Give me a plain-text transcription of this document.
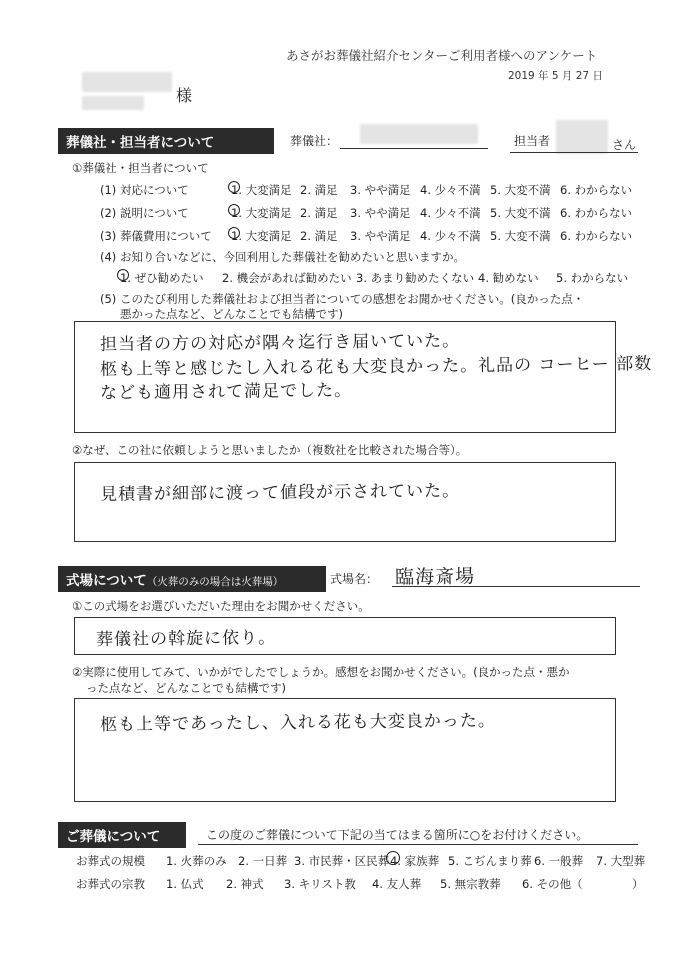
あさがお葬儀社紹介センターご利用者様へのアンケート
2019 年 5 月 27 日
様
葬儀社・担当者について	葬儀社：	担当者	さん
①葬儀社・担当者について
(1) 対応について	1. 大変満足 2. 満足 3. やや満足 4. 少々不満 5. 大変不満 6. わからない
(2) 説明について	1. 大変満足 2. 満足 3. やや満足 4. 少々不満 5. 大変不満 6. わからない
(3) 葬儀費用について 1. 大変満足 2. 満足 3. やや満足 4. 少々不満 5. 大変不満 6. わからない
(4) お知り合いなどに、今回利用した葬儀社を勧めたいと思いますか。
1. ぜひ勧めたい 2. 機会があれば勧めたい 3. あまり勧めたくない 4. 勧めない 5. わからない
(5) このたび利用した葬儀社および担当者についての感想をお聞かせください。(良かった点・
悪かった点など、どんなことでも結構です)
担当者の方の対応が隅々迄行き届いていた。
柩も上等と感じたし入れる花も大変良かった。礼品の コーヒー 部数
なども適用されて満足でした。
②なぜ、この社に依頼しようと思いましたか（複数社を比較された場合等）。
見積書が細部に渡って値段が示されていた。
式場について（火葬のみの場合は火葬場）	式場名： 臨海斎場
①この式場をお選びいただいた理由をお聞かせください。
葬儀社の斡旋に依り。
②実際に使用してみて、いかがでしたでしょうか。感想をお聞かせください。(良かった点・悪か
った点など、どんなことでも結構です)
柩も上等であったし、入れる花も大変良かった。
ご葬儀について	この度のご葬儀について下記の当てはまる箇所に○をお付けください。
お葬式の規模 1. 火葬のみ 2. 一日葬 3. 市民葬・区民葬 4. 家族葬 5. こぢんまり葬 6. 一般葬 7. 大型葬
お葬式の宗教 1. 仏式 2. 神式 3. キリスト教 4. 友人葬 5. 無宗教葬 6. その他（	）
